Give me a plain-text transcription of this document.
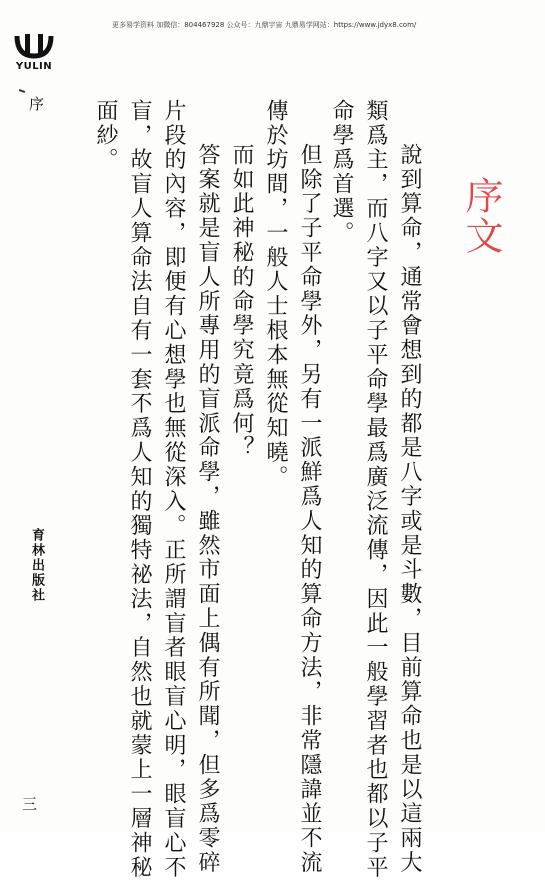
更多易学资料 加微信：804467928 公众号：九鼎宇宙 九鼎易学网站：https://www.jdyx8.com/
YULIN
序
育林出版社
三
序文
說到算命，通常會想到的都是八字或是斗數，目前算命也是以這兩大
類爲主，而八字又以子平命學最爲廣泛流傳，因此一般學習者也都以子平
命學爲首選。
但除了子平命學外，另有一派鮮爲人知的算命方法，非常隱諱並不流
傳於坊間，一般人士根本無從知曉。
而如此神秘的命學究竟爲何？
答案就是盲人所專用的盲派命學，雖然市面上偶有所聞，但多爲零碎
片段的內容，即便有心想學也無從深入。正所謂盲者眼盲心明，眼盲心不
盲，故盲人算命法自有一套不爲人知的獨特祕法，自然也就蒙上一層神秘
面紗。
